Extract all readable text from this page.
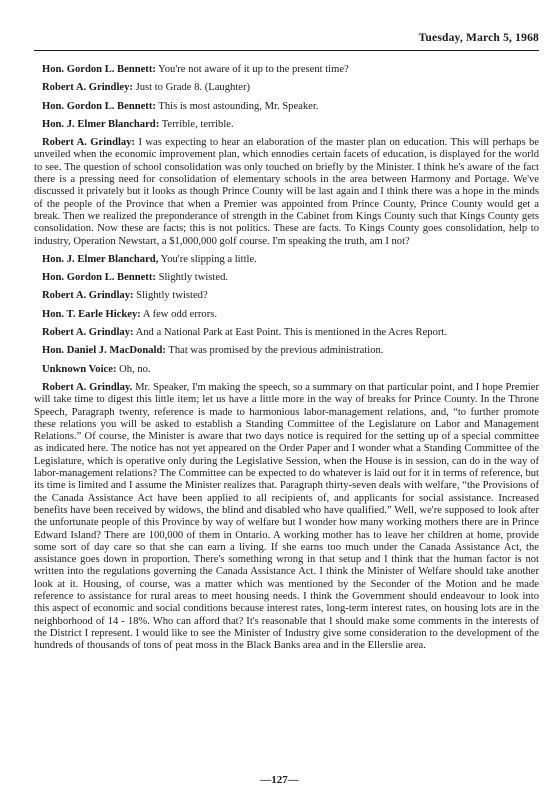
Tuesday, March 5, 1968

Hon. Gordon L. Bennett: You're not aware of it up to the present time?

Robert A. Grindley: Just to Grade 8. (Laughter)

Hon. Gordon L. Bennett: This is most astounding, Mr. Speaker.

Hon. J. Elmer Blanchard: Terrible, terrible.

Robert A. Grindlay: I was expecting to hear an elaboration of the master plan on education. This will perhaps be unveiled when the economic improvement plan, which ennodies certain facets of education, is displayed for the world to see. The question of school consolidation was only touched on briefly by the Minister. I think he's aware of the fact there is a pressing need for consolidation of elementary schools in the area between Harmony and Portage. We've discussed it privately but it looks as though Prince County will be last again and I think there was a hope in the minds of the people of the Province that when a Premier was appointed from Prince County, Prince County would get a break. Then we realized the preponderance of strength in the Cabinet from Kings County such that Kings County gets consolidation. Now these are facts; this is not politics. These are facts. To Kings County goes consolidation, help to industry, Operation Newstart, a $1,000,000 golf course. I'm speaking the truth, am I not?

Hon. J. Elmer Blanchard, You're slipping a little.

Hon. Gordon L. Bennett: Slightly twisted.

Robert A. Grindlay: Slightly twisted?

Hon. T. Earle Hickey: A few odd errors.

Robert A. Grindlay: And a National Park at East Point. This is mentioned in the Acres Report.

Hon. Daniel J. MacDonald: That was promised by the previous administration.

Unknown Voice: Oh, no.

Robert A. Grindlay. Mr. Speaker, I'm making the speech, so a summary on that particular point, and I hope Premier will take time to digest this little item; let us have a little more in the way of breaks for Prince County. In the Throne Speech, Paragraph twenty, reference is made to harmonious labor-management relations, and, “to further promote these relations you will be asked to establish a Standing Committee of the Legislature on Labor and Management Relations.” Of course, the Minister is aware that two days notice is required for the setting up of a special committee as indicated here. The notice has not yet appeared on the Order Paper and I wonder what a Standing Committee of the Legislature, which is operative only during the Legislative Session, when the House is in session, can do in the way of labor-management relations? The Committee can be expected to do whatever is laid out for it in terms of reference, but its time is limited and I assume the Minister realizes that. Paragraph thirty-seven deals with welfare, “the Provisions of the Canada Assistance Act have been applied to all recipients of, and applicants for social assistance. Increased benefits have been received by widows, the blind and disabled who have qualified.” Well, we're supposed to look after the unfortunate people of this Province by way of welfare but I wonder how many working mothers there are in Prince Edward Island? There are 100,000 of them in Ontario. A working mother has to leave her children at home, provide some sort of day care so that she can earn a living. If she earns too much under the Canada Assistance Act, the assistance goes down in proportion. There's something wrong in that setup and I think that the human factor is not written into the regulations governing the Canada Assistance Act. I think the Minister of Welfare should take another look at it. Housing, of course, was a matter which was mentioned by the Seconder of the Motion and he made reference to assistance for rural areas to meet housing needs. I think the Government should endeavour to look into this aspect of economic and social conditions because interest rates, long-term interest rates, on housing lots are in the neighborhood of 14 - 18%. Who can afford that? It's reasonable that I should make some comments in the interests of the District I represent. I would like to see the Minister of Industry give some consideration to the development of the hundreds of thousands of tons of peat moss in the Black Banks area and in the Ellerslie area.

—127—
